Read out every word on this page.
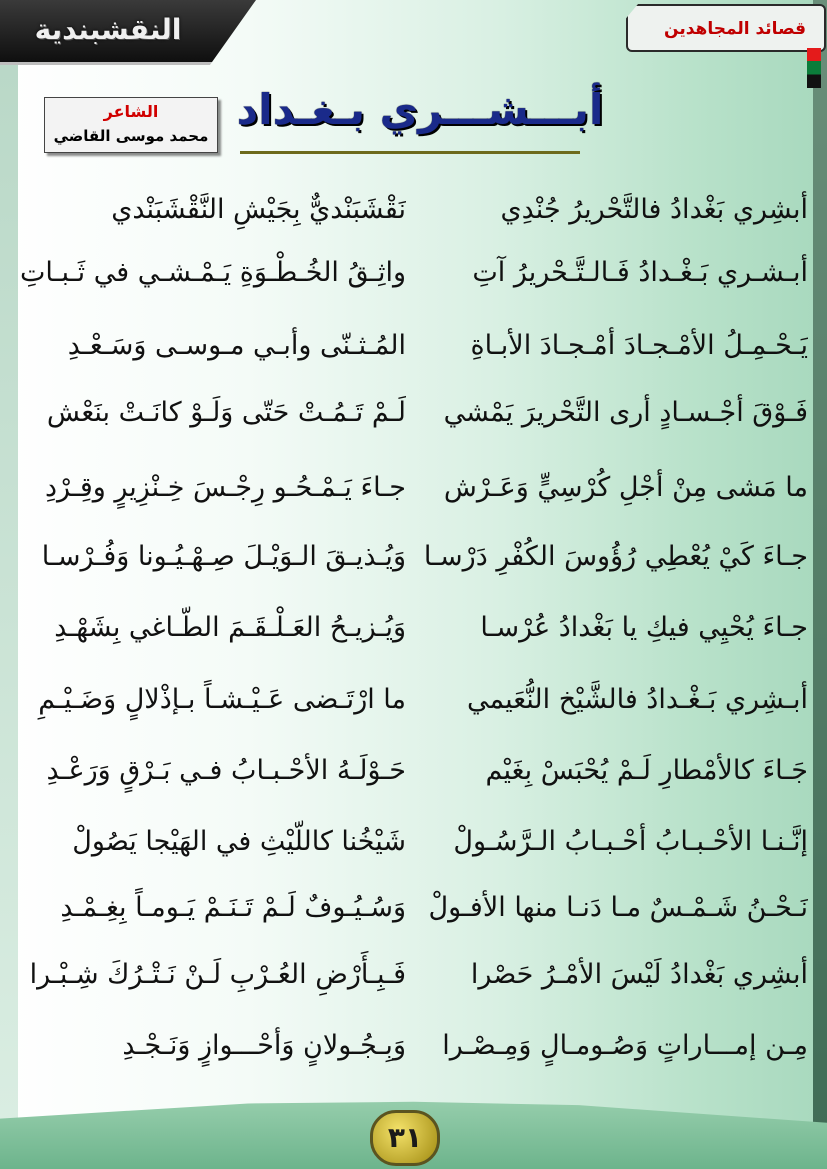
النقشبندية	قصائد المجاهدين
أبـــشـــري بـغـداد
الشاعر
محمد موسى القاضي
أبشِري بَغْدادُ فالتَّحْريرُ جُنْدِي
نَقْشَبَنْديٌّ بِجَيْشِ النَّقْشَبَنْدي
أبـشـري بَـغْـدادُ فَـالـتَّـحْريرُ آتِ
واثِـقُ الخُـطْـوَةِ يَـمْـشـي في ثَـبـاتِ
يَـحْـمِـلُ الأمْـجـادَ أمْـجـادَ الأبـاةِ
المُـثـنّى وأبـي مـوسـى وَسَـعْـدِ
فَـوْقَ أجْـسـادٍ أرى التَّحْريرَ يَمْشي
لَـمْ تَـمُـتْ حَتّى وَلَـوْ كانَـتْ بنَعْش
ما مَشى مِنْ أجْلِ كُرْسِيٍّ وَعَـرْش
جـاءَ يَـمْـحُـو رِجْـسَ خِـنْزِيرٍ وقِـرْدِ
جـاءَ كَيْ يُعْطِي رُؤُوسَ الكُفْرِ دَرْسـا
وَيُـذيـقَ الـوَيْـلَ صِـهْـيُـونا وَفُـرْسـا
جـاءَ يُحْيِي فيكِ يا بَغْدادُ عُرْسـا
وَيُـزيـحُ العَـلْـقَـمَ الطّـاغي بِشَهْـدِ
أبـشِري بَـغْـدادُ فالشَّيْخ النُّعَيمي
ما ارْتَـضى عَـيْـشـاً بـإذْلالٍ وَضَـيْـمِ
جَـاءَ كالأمْطارِ لَـمْ يُحْبَسْ بِغَيْم
حَـوْلَـهُ الأحْـبـابُ فـي بَـرْقٍ وَرَعْـدِ
إنَّـنـا الأحْـبـابُ أحْـبـابُ الـرَّسُـولْ
شَيْخُنا كاللّيْثِ في الهَيْجا يَصُولْ
نَـحْـنُ شَـمْـسٌ مـا دَنـا منها الأفـولْ
وَسُـيُـوفٌ لَـمْ تَـنَـمْ يَـومـاً بِغِـمْـدِ
أبشِري بَغْدادُ لَيْسَ الأمْـرُ حَصْرا
فَـبِـأَرْضِ العُـرْبِ لَـنْ نَـتْـرُكَ شِـبْـرا
مِـن إمـــاراتٍ وَصُـومـالٍ وَمِـصْـرا
وَبِـجُـولانٍ وَأحْـــوازٍ وَنَـجْـدِ
٣١
